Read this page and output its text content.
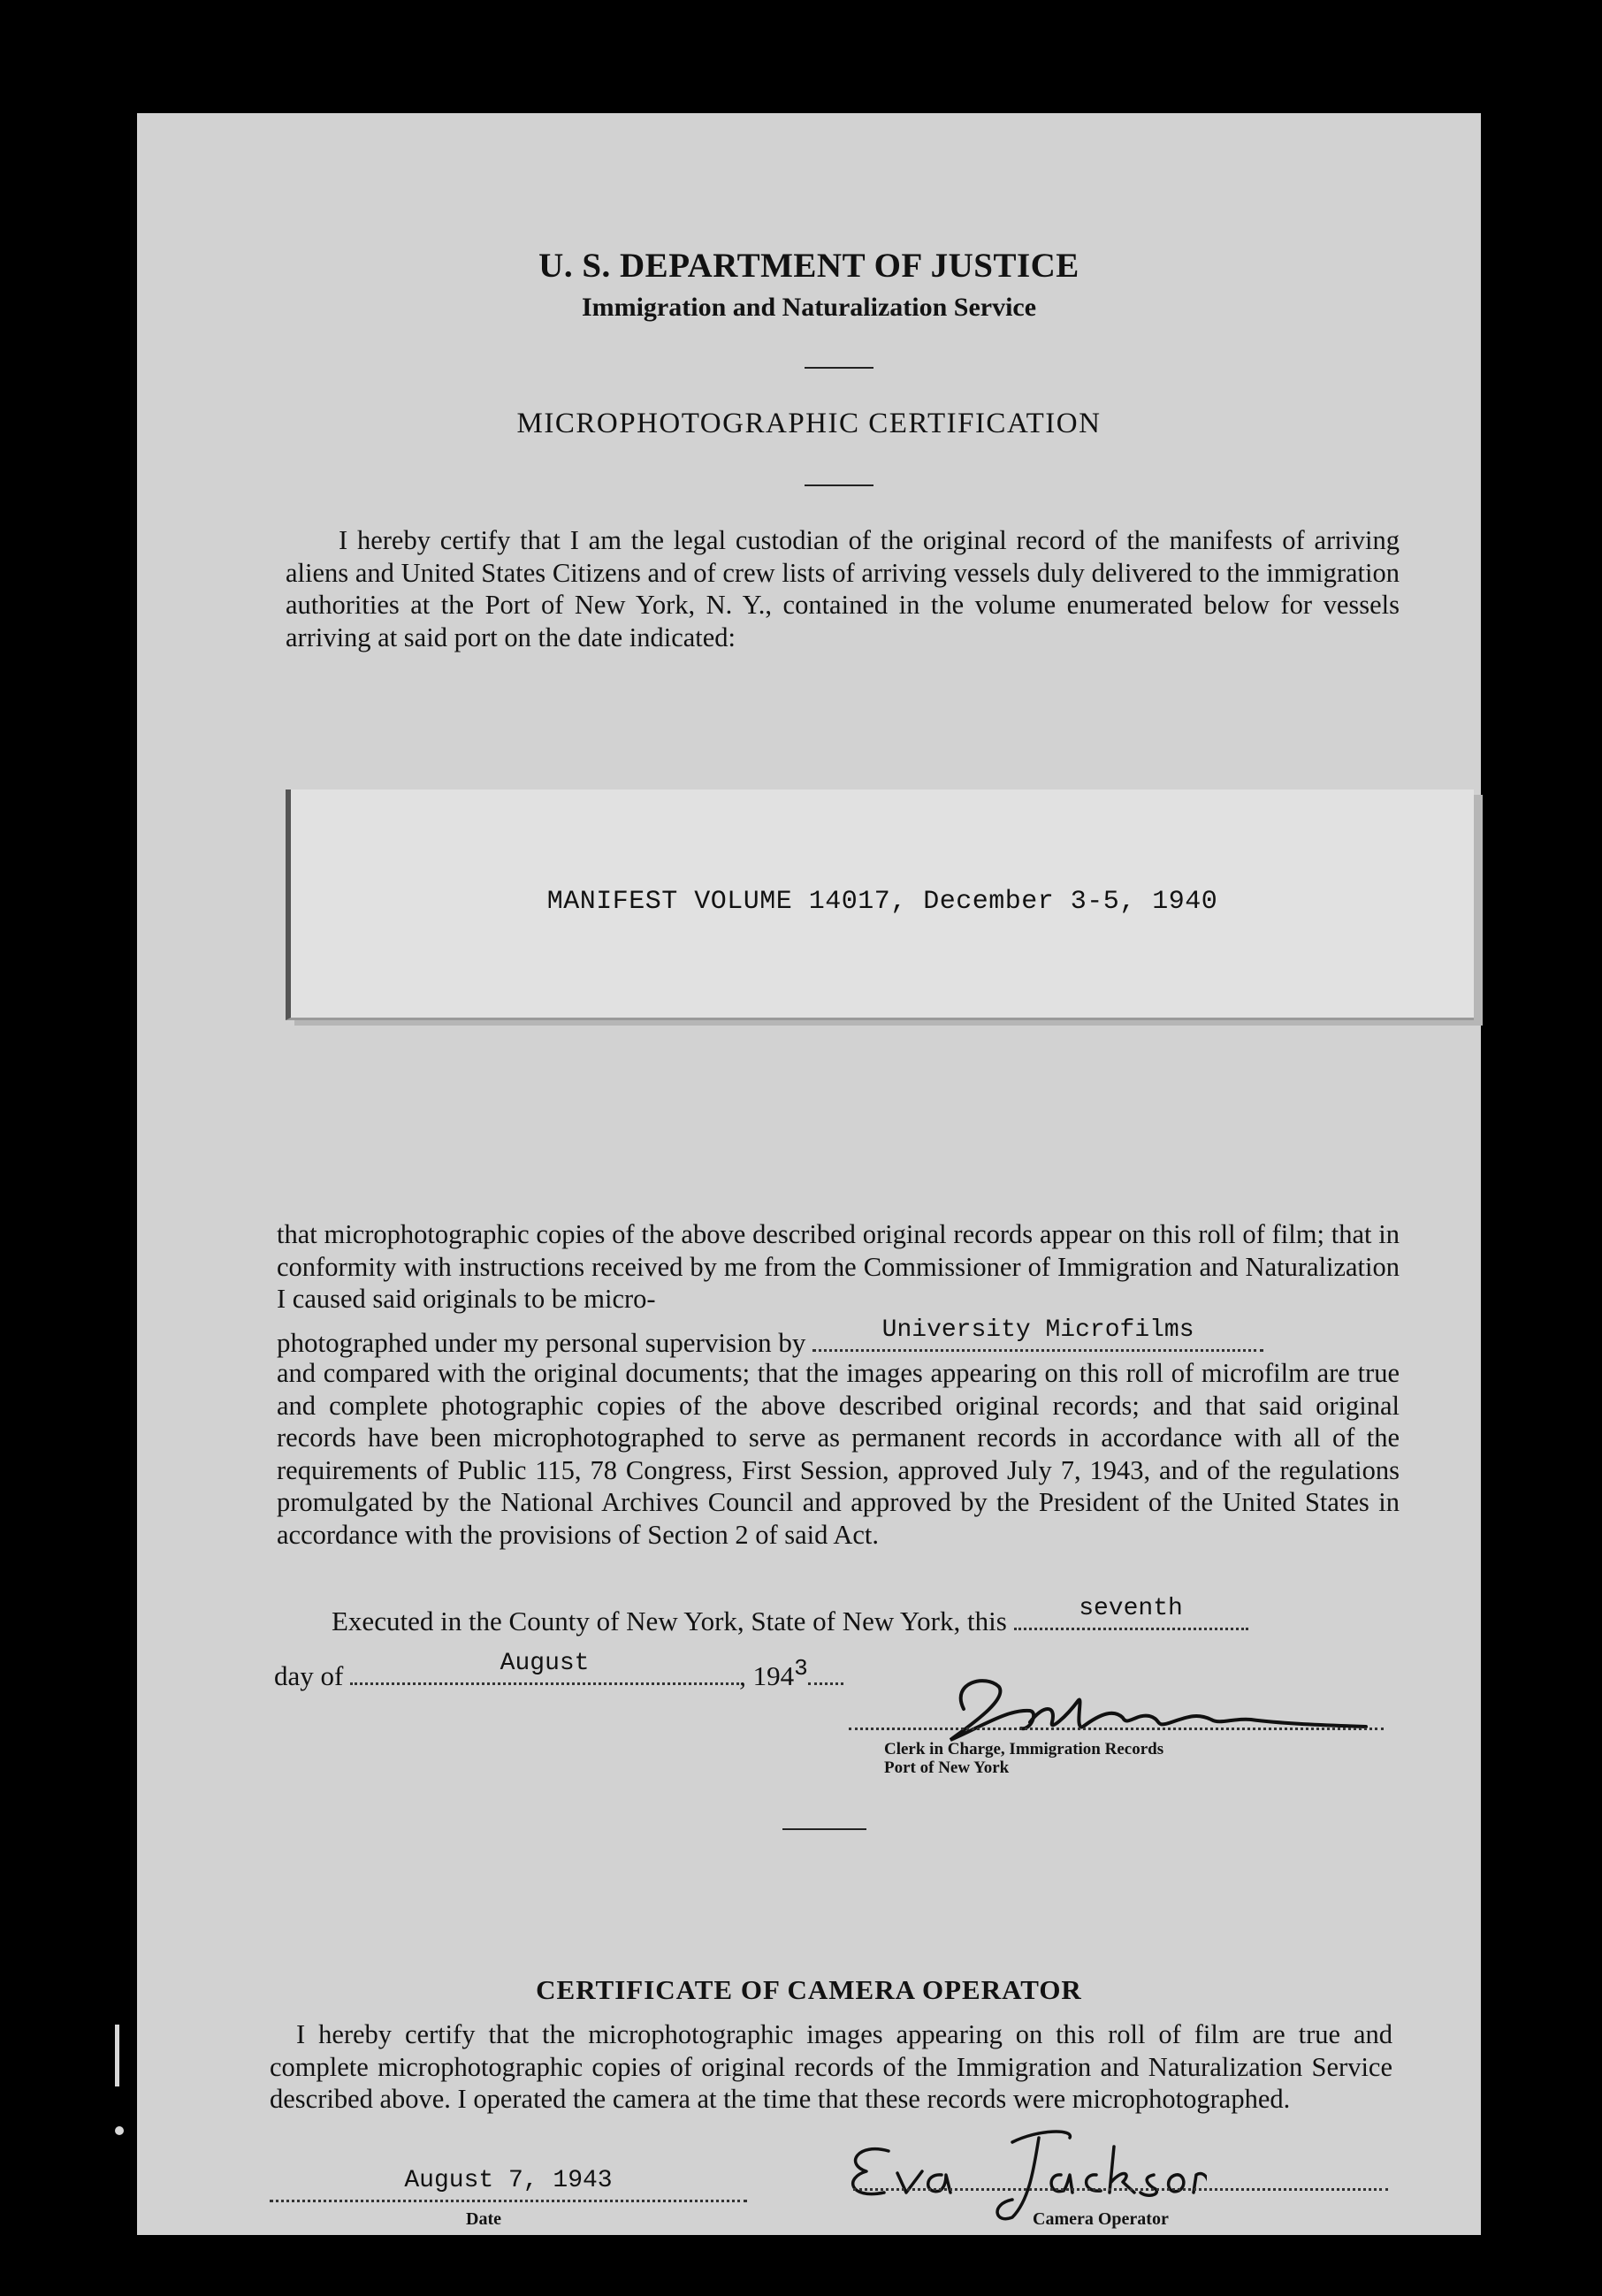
U. S. DEPARTMENT OF JUSTICE
Immigration and Naturalization Service
MICROPHOTOGRAPHIC CERTIFICATION
I hereby certify that I am the legal custodian of the original record of the manifests of arriving aliens and United States Citizens and of crew lists of arriving vessels duly delivered to the immigration authorities at the Port of New York, N. Y., contained in the volume enumerated below for vessels arriving at said port on the date indicated:
MANIFEST VOLUME 14017, December 3-5, 1940
that microphotographic copies of the above described original records appear on this roll of film; that in conformity with instructions received by me from the Commissioner of Immigration and Naturalization I caused said originals to be micro-
photographed under my personal supervision by	University Microfilms
and compared with the original documents; that the images appearing on this roll of microfilm are true and complete photographic copies of the above described original records; and that said original records have been microphotographed to serve as permanent records in accordance with all of the requirements of Public 115, 78 Congress, First Session, approved July 7, 1943, and of the regulations promulgated by the National Archives Council and approved by the President of the United States in accordance with the provisions of Section 2 of said Act.
Executed in the County of New York, State of New York, this	seventh
day of	August	, $194^3$
Clerk in Charge, Immigration Records
Port of New York
CERTIFICATE OF CAMERA OPERATOR
I hereby certify that the microphotographic images appearing on this roll of film are true and complete microphotographic copies of original records of the Immigration and Naturalization Service described above. I operated the camera at the time that these records were microphotographed.
August 7, 1943
Date	Camera Operator
